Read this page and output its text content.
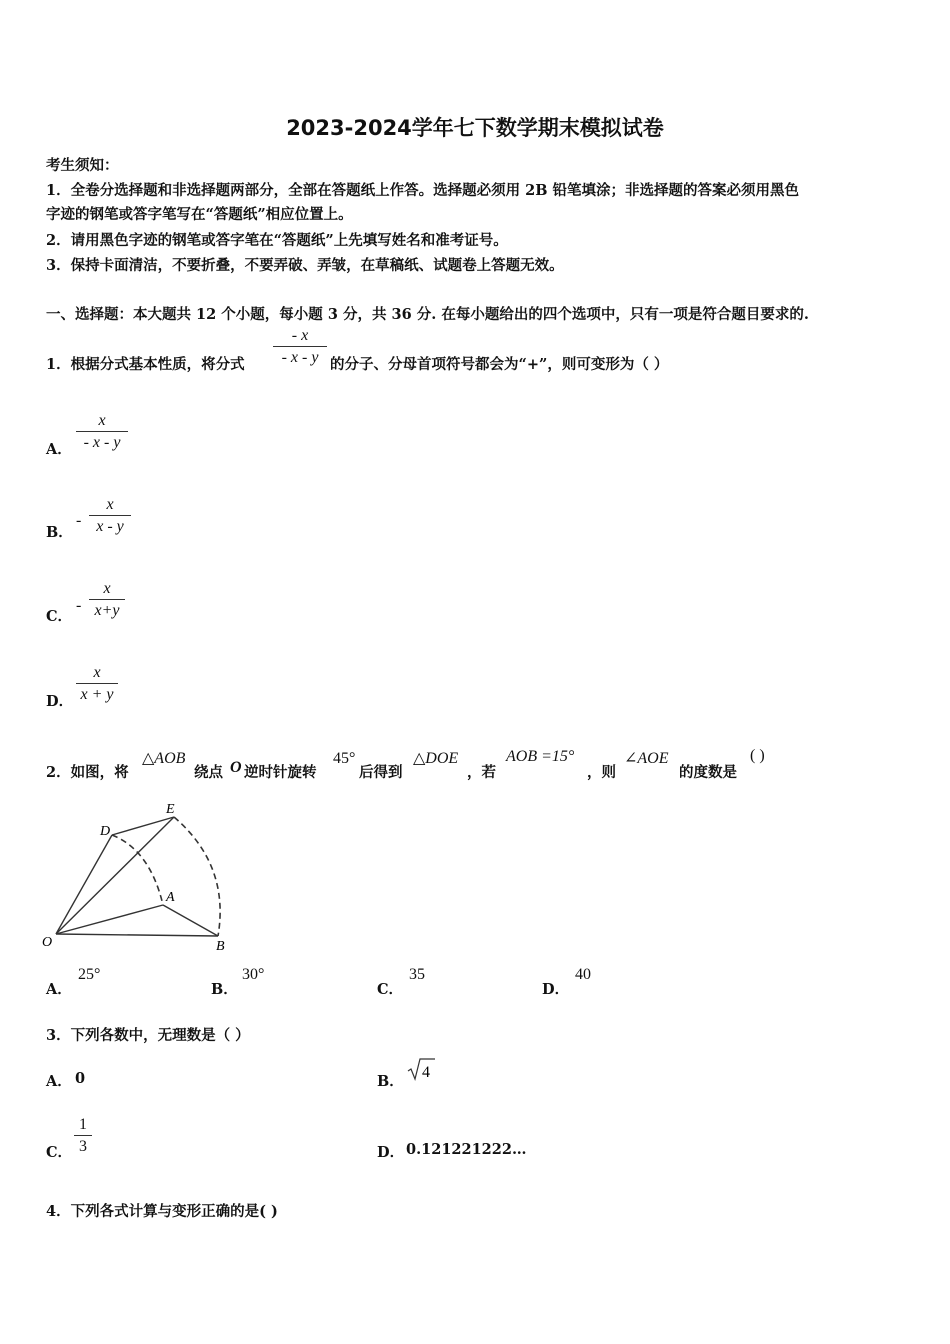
2023-2024学年七下数学期末模拟试卷
考生须知：
1．全卷分选择题和非选择题两部分，全部在答题纸上作答。选择题必须用 2B 铅笔填涂；非选择题的答案必须用黑色
字迹的钢笔或答字笔写在“答题纸”相应位置上。
2．请用黑色字迹的钢笔或答字笔在“答题纸”上先填写姓名和准考证号。
3．保持卡面清洁，不要折叠，不要弄破、弄皱，在草稿纸、试题卷上答题无效。
一、选择题：本大题共 12 个小题，每小题 3 分，共 36 分. 在每小题给出的四个选项中，只有一项是符合题目要求的.
1．根据分式基本性质，将分式
- x
- x - y 的分子、分母首项符号都会为“+”，则可变形为（ ）
A．
x
- x - y
B．
-
x
x - y
C．
-
x
x+y
D．
x
x + y
2．如图，将
△AOB
绕点 O 逆时针旋转
45°
后得到
△DOE
，若
AOB =15°
，则
∠AOE
的度数是
( )
O	B
A
D
E
A．
25°
B．
30°
C．
35
D．
40
3．下列各数中，无理数是（ ）
A． 0	B．
4
C．
1
3	D． 0.121221222…
4．下列各式计算与变形正确的是( )
